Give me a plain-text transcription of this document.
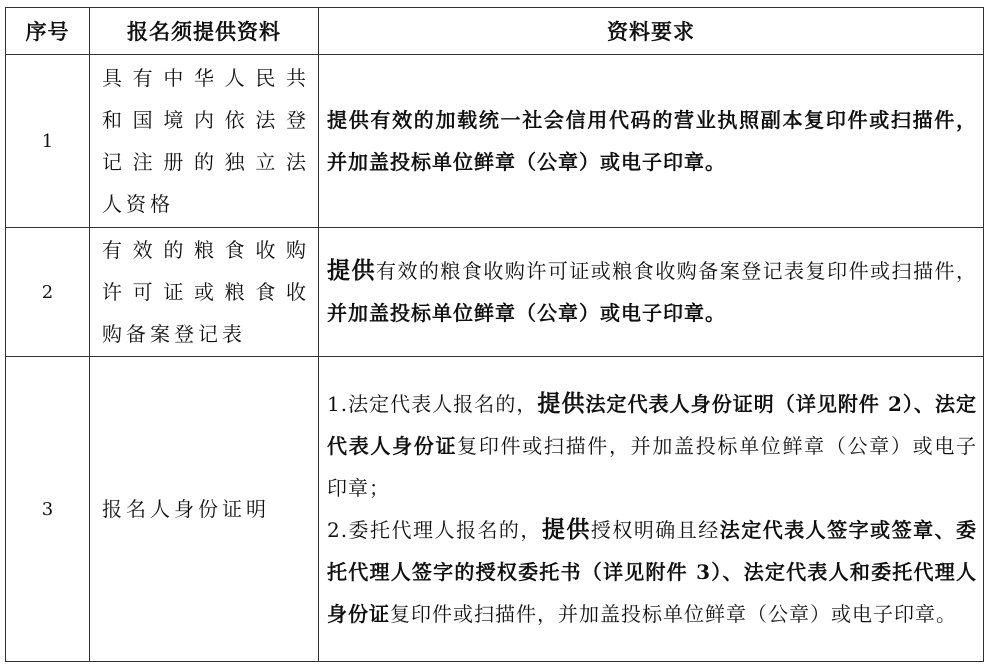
序号	报名须提供资料	资料要求
1	具有中华人民共
和国境内依法登
记注册的独立法
人资格	提供有效的加载统一社会信用代码的营业执照副本复印件或扫描件，并加盖投标单位鲜章（公章）或电子印章。
2	有效的粮食收购
许可证或粮食收
购备案登记表	提供有效的粮食收购许可证或粮食收购备案登记表复印件或扫描件，并加盖投标单位鲜章（公章）或电子印章。
3	报名人身份证明	1.法定代表人报名的，提供法定代表人身份证明（详见附件 2）、法定代表人身份证复印件或扫描件，并加盖投标单位鲜章（公章）或电子印章；

2.委托代理人报名的，提供授权明确且经法定代表人签字或签章、委托代理人签字的授权委托书（详见附件 3）、法定代表人和委托代理人身份证复印件或扫描件，并加盖投标单位鲜章（公章）或电子印章。
